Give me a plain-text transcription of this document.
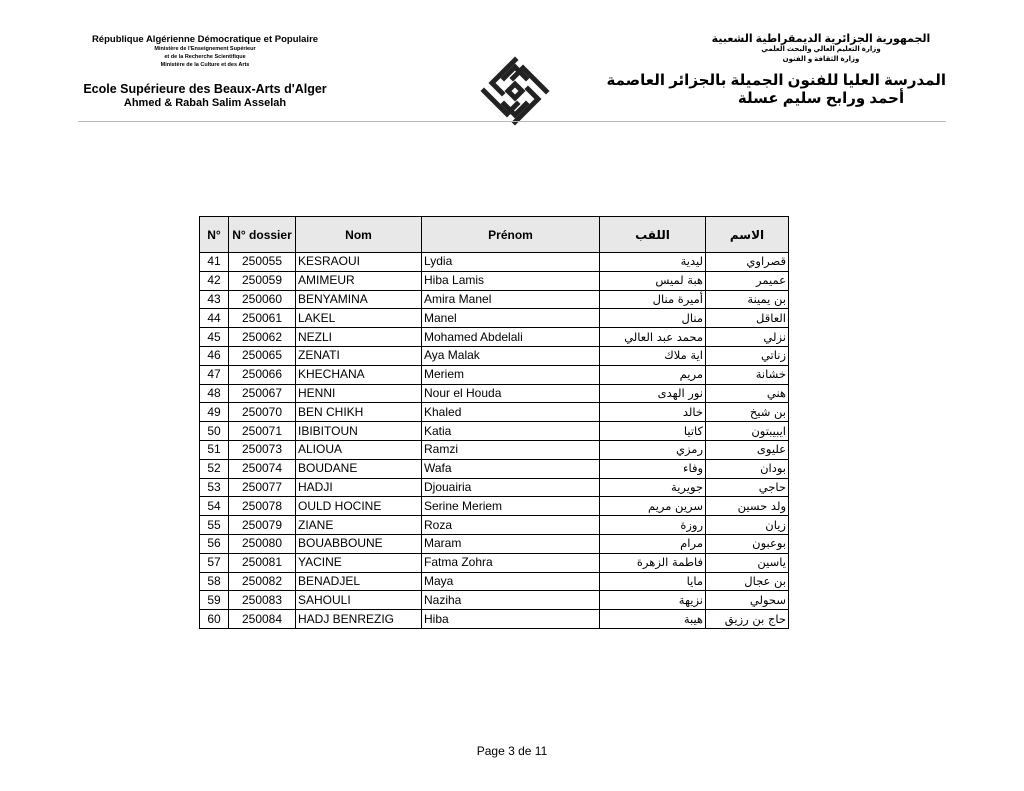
République Algérienne Démocratique et Populaire
Ministère de l'Enseignement Supérieur
et de la Recherche Scientifique
Ministère de la Culture et des Arts
Ecole Supérieure des Beaux-Arts d'Alger
Ahmed & Rabah Salim Asselah
الجمهورية الجزائرية الديمقراطية الشعبية
وزارة التعليم العالي والبحث العلمي
وزارة الثقافة و الفنون
المدرسة العليا للفنون الجميلة بالجزائر العاصمة
أحمد ورابح سليم عسلة
N°	N° dossier	Nom	Prénom	اللقب	الاسم
41	250055	KESRAOUI	Lydia	ليدية	قصراوي
42	250059	AMIMEUR	Hiba Lamis	هبة لميس	عميمر
43	250060	BENYAMINA	Amira Manel	أميرة منال	بن يمينة
44	250061	LAKEL	Manel	منال	العاقل
45	250062	NEZLI	Mohamed Abdelali	محمد عبد العالي	نزلي
46	250065	ZENATI	Aya Malak	اية ملاك	زناتي
47	250066	KHECHANA	Meriem	مريم	خشانة
48	250067	HENNI	Nour el Houda	نور الهدى	هني
49	250070	BEN CHIKH	Khaled	خالد	بن شيخ
50	250071	IBIBITOUN	Katia	كاتيا	ايبيبتون
51	250073	ALIOUA	Ramzi	رمزي	عليوى
52	250074	BOUDANE	Wafa	وفاء	بودان
53	250077	HADJI	Djouairia	جويرية	حاجي
54	250078	OULD HOCINE	Serine Meriem	سرين مريم	ولد حسين
55	250079	ZIANE	Roza	روزة	زيان
56	250080	BOUABBOUNE	Maram	مرام	بوعبون
57	250081	YACINE	Fatma Zohra	فاطمة الزهرة	ياسين
58	250082	BENADJEL	Maya	مايا	بن عجال
59	250083	SAHOULI	Naziha	نزيهة	سحولي
60	250084	HADJ BENREZIG	Hiba	هيبة	حاج بن رزيق
Page 3 de 11
